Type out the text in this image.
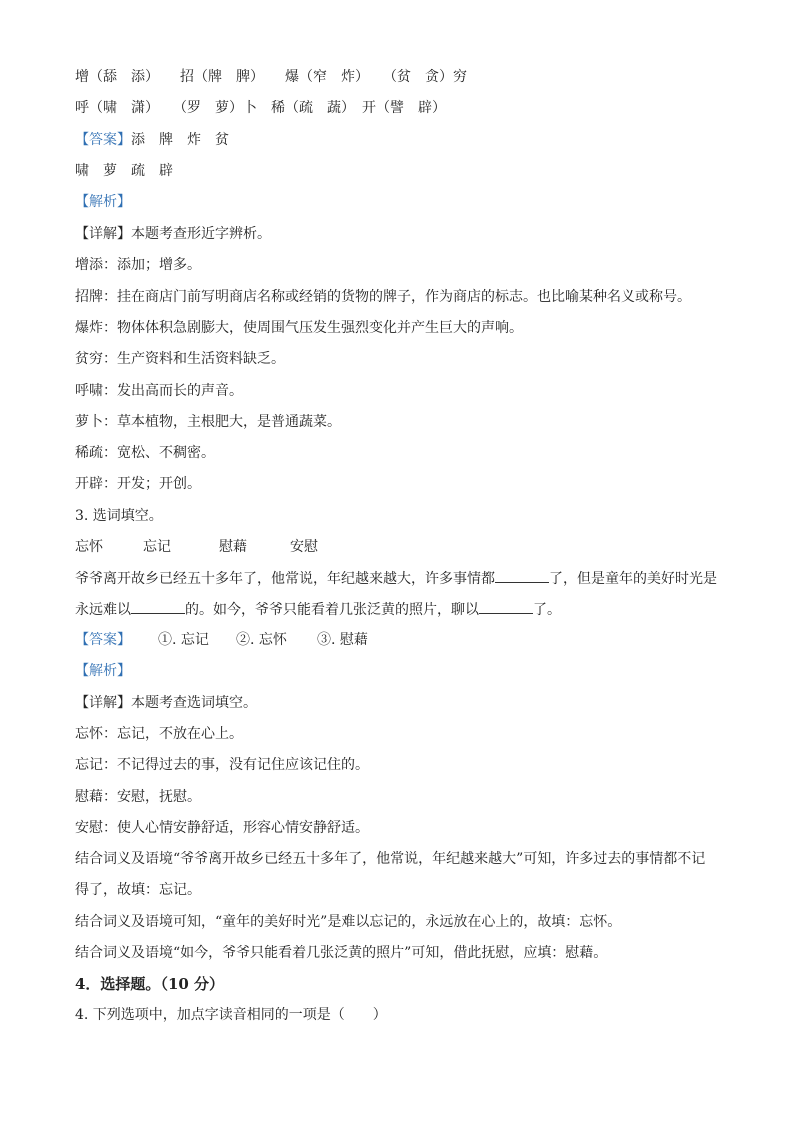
增（舔　添）　　招（牌　脾）　　爆（窄　炸）　　（贫　贪）穷
呼（啸　潇）　　（罗　萝）卜　稀（疏　蔬）　开（譬　辟）
【答案】添　牌　炸　贫
啸　萝　疏　辟
【解析】
【详解】本题考查形近字辨析。
增添：添加；增多。
招牌：挂在商店门前写明商店名称或经销的货物的牌子，作为商店的标志。也比喻某种名义或称号。
爆炸：物体体积急剧膨大，使周围气压发生强烈变化并产生巨大的声响。
贫穷：生产资料和生活资料缺乏。
呼啸：发出高而长的声音。
萝卜：草本植物，主根肥大，是普通蔬菜。
稀疏：宽松、不稠密。
开辟：开发；开创。
3. 选词填空。
忘怀	忘记	慰藉	安慰
爷爷离开故乡已经五十多年了，他常说，年纪越来越大，许多事情都	了，但是童年的美好时光是
永远难以	的。如今，爷爷只能看着几张泛黄的照片，聊以	了。
【答案】 ①. 忘记 ②. 忘怀 ③. 慰藉
【解析】
【详解】本题考查选词填空。
忘怀：忘记，不放在心上。
忘记：不记得过去的事，没有记住应该记住的。
慰藉：安慰，抚慰。
安慰：使人心情安静舒适，形容心情安静舒适。
结合词义及语境“爷爷离开故乡已经五十多年了，他常说，年纪越来越大”可知，许多过去的事情都不记
得了，故填：忘记。
结合词义及语境可知，“童年的美好时光”是难以忘记的，永远放在心上的，故填：忘怀。
结合词义及语境“如今，爷爷只能看着几张泛黄的照片”可知，借此抚慰，应填：慰藉。
4．选择题。（10 分）
4. 下列选项中，加点字读音相同的一项是（　　）
